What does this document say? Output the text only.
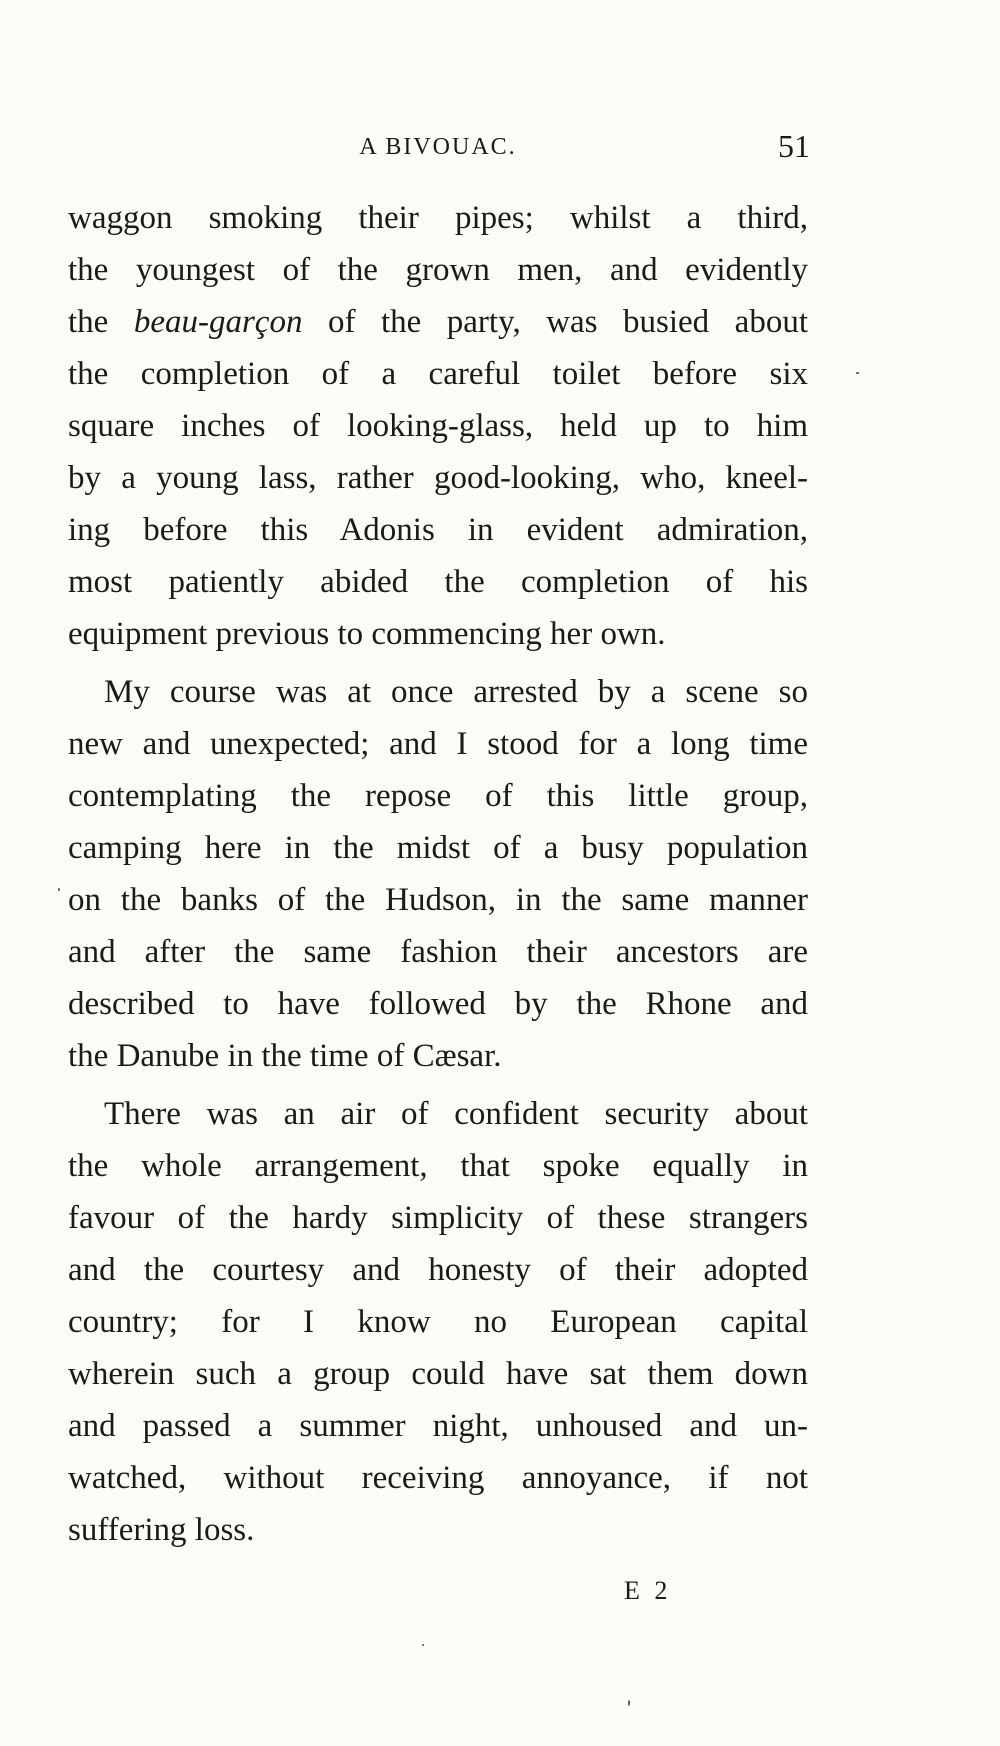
A BIVOUAC.	51

waggon smoking their pipes; whilst a third,
the youngest of the grown men, and evidently
the beau-garçon of the party, was busied about
the completion of a careful toilet before six
square inches of looking-glass, held up to him
by a young lass, rather good-looking, who, kneel-
ing before this Adonis in evident admiration,
most patiently abided the completion of his
equipment previous to commencing her own.

My course was at once arrested by a scene so
new and unexpected; and I stood for a long time
contemplating the repose of this little group,
camping here in the midst of a busy population
on the banks of the Hudson, in the same manner
and after the same fashion their ancestors are
described to have followed by the Rhone and
the Danube in the time of Cæsar.

There was an air of confident security about
the whole arrangement, that spoke equally in
favour of the hardy simplicity of these strangers
and the courtesy and honesty of their adopted
country; for I know no European capital
wherein such a group could have sat them down
and passed a summer night, unhoused and un-
watched, without receiving annoyance, if not
suffering loss.

E 2
